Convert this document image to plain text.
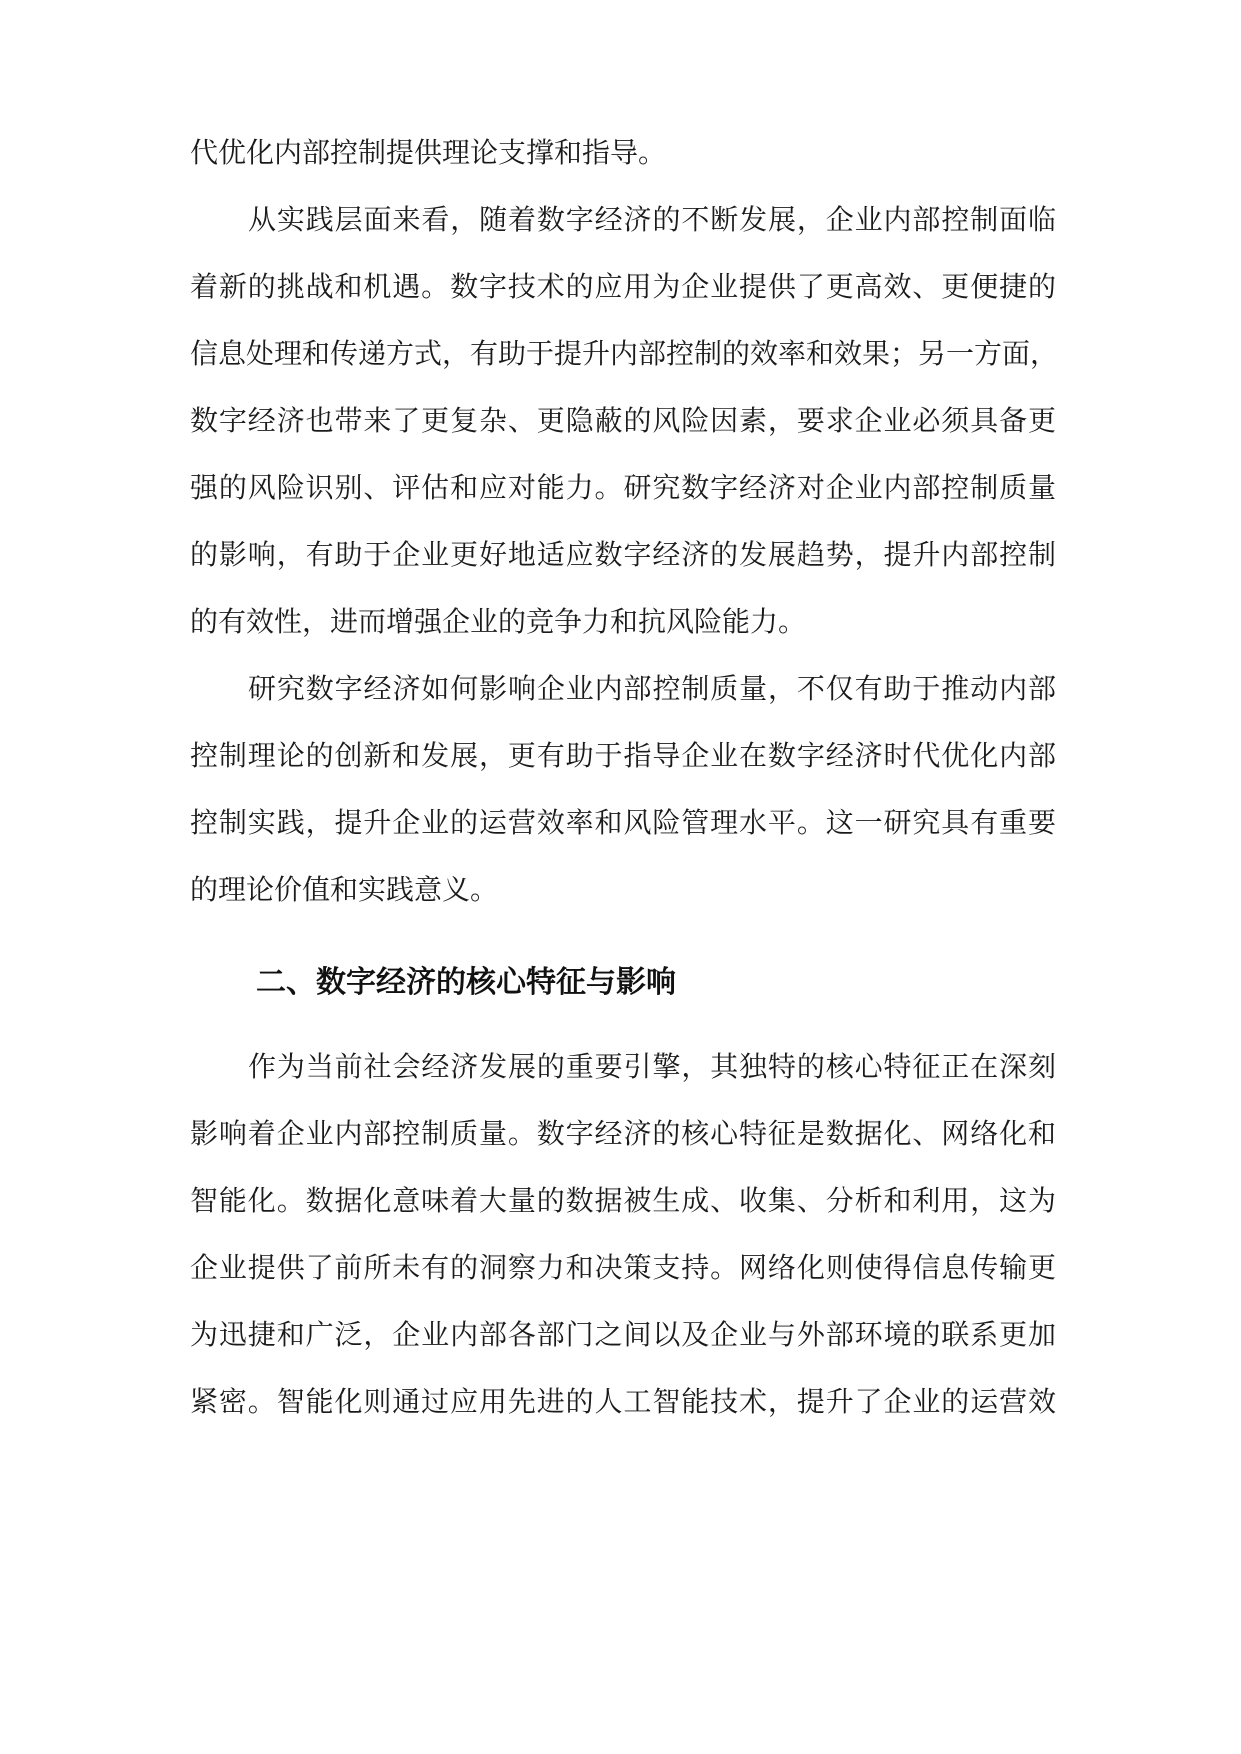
代优化内部控制提供理论支撑和指导。
从实践层面来看，随着数字经济的不断发展，企业内部控制面临
着新的挑战和机遇。数字技术的应用为企业提供了更高效、更便捷的
信息处理和传递方式，有助于提升内部控制的效率和效果；另一方面，
数字经济也带来了更复杂、更隐蔽的风险因素，要求企业必须具备更
强的风险识别、评估和应对能力。研究数字经济对企业内部控制质量
的影响，有助于企业更好地适应数字经济的发展趋势，提升内部控制
的有效性，进而增强企业的竞争力和抗风险能力。
研究数字经济如何影响企业内部控制质量，不仅有助于推动内部
控制理论的创新和发展，更有助于指导企业在数字经济时代优化内部
控制实践，提升企业的运营效率和风险管理水平。这一研究具有重要
的理论价值和实践意义。
二、数字经济的核心特征与影响
作为当前社会经济发展的重要引擎，其独特的核心特征正在深刻
影响着企业内部控制质量。数字经济的核心特征是数据化、网络化和
智能化。数据化意味着大量的数据被生成、收集、分析和利用，这为
企业提供了前所未有的洞察力和决策支持。网络化则使得信息传输更
为迅捷和广泛，企业内部各部门之间以及企业与外部环境的联系更加
紧密。智能化则通过应用先进的人工智能技术，提升了企业的运营效
